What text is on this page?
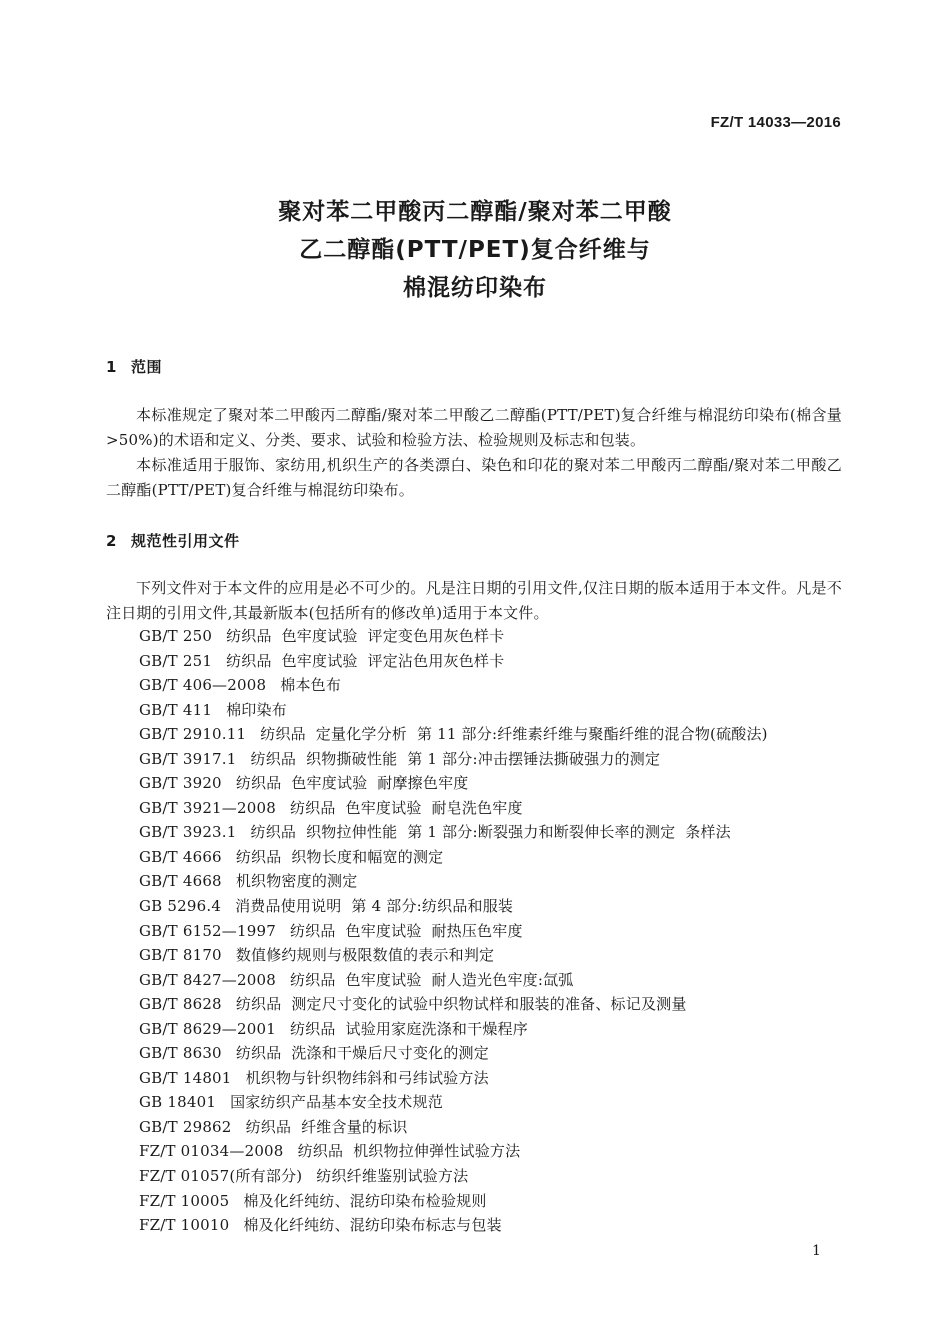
FZ/T 14033—2016
聚对苯二甲酸丙二醇酯/聚对苯二甲酸
乙二醇酯(PTT/PET)复合纤维与
棉混纺印染布
1 范围
本标准规定了聚对苯二甲酸丙二醇酯/聚对苯二甲酸乙二醇酯(PTT/PET)复合纤维与棉混纺印染布(棉含量>50%)的术语和定义、分类、要求、试验和检验方法、检验规则及标志和包装。
本标准适用于服饰、家纺用,机织生产的各类漂白、染色和印花的聚对苯二甲酸丙二醇酯/聚对苯二甲酸乙二醇酯(PTT/PET)复合纤维与棉混纺印染布。
2 规范性引用文件
下列文件对于本文件的应用是必不可少的。凡是注日期的引用文件,仅注日期的版本适用于本文件。凡是不注日期的引用文件,其最新版本(包括所有的修改单)适用于本文件。
GB/T 250 纺织品  色牢度试验  评定变色用灰色样卡
GB/T 251 纺织品  色牢度试验  评定沾色用灰色样卡
GB/T 406—2008 棉本色布
GB/T 411 棉印染布
GB/T 2910.11 纺织品  定量化学分析  第 11 部分:纤维素纤维与聚酯纤维的混合物(硫酸法)
GB/T 3917.1 纺织品  织物撕破性能  第 1 部分:冲击摆锤法撕破强力的测定
GB/T 3920 纺织品  色牢度试验  耐摩擦色牢度
GB/T 3921—2008 纺织品  色牢度试验  耐皂洗色牢度
GB/T 3923.1 纺织品  织物拉伸性能  第 1 部分:断裂强力和断裂伸长率的测定  条样法
GB/T 4666 纺织品  织物长度和幅宽的测定
GB/T 4668 机织物密度的测定
GB 5296.4 消费品使用说明  第 4 部分:纺织品和服装
GB/T 6152—1997 纺织品  色牢度试验  耐热压色牢度
GB/T 8170 数值修约规则与极限数值的表示和判定
GB/T 8427—2008 纺织品  色牢度试验  耐人造光色牢度:氙弧
GB/T 8628 纺织品  测定尺寸变化的试验中织物试样和服装的准备、标记及测量
GB/T 8629—2001 纺织品  试验用家庭洗涤和干燥程序
GB/T 8630 纺织品  洗涤和干燥后尺寸变化的测定
GB/T 14801 机织物与针织物纬斜和弓纬试验方法
GB 18401 国家纺织产品基本安全技术规范
GB/T 29862 纺织品  纤维含量的标识
FZ/T 01034—2008 纺织品  机织物拉伸弹性试验方法
FZ/T 01057(所有部分) 纺织纤维鉴别试验方法
FZ/T 10005 棉及化纤纯纺、混纺印染布检验规则
FZ/T 10010 棉及化纤纯纺、混纺印染布标志与包装
1
